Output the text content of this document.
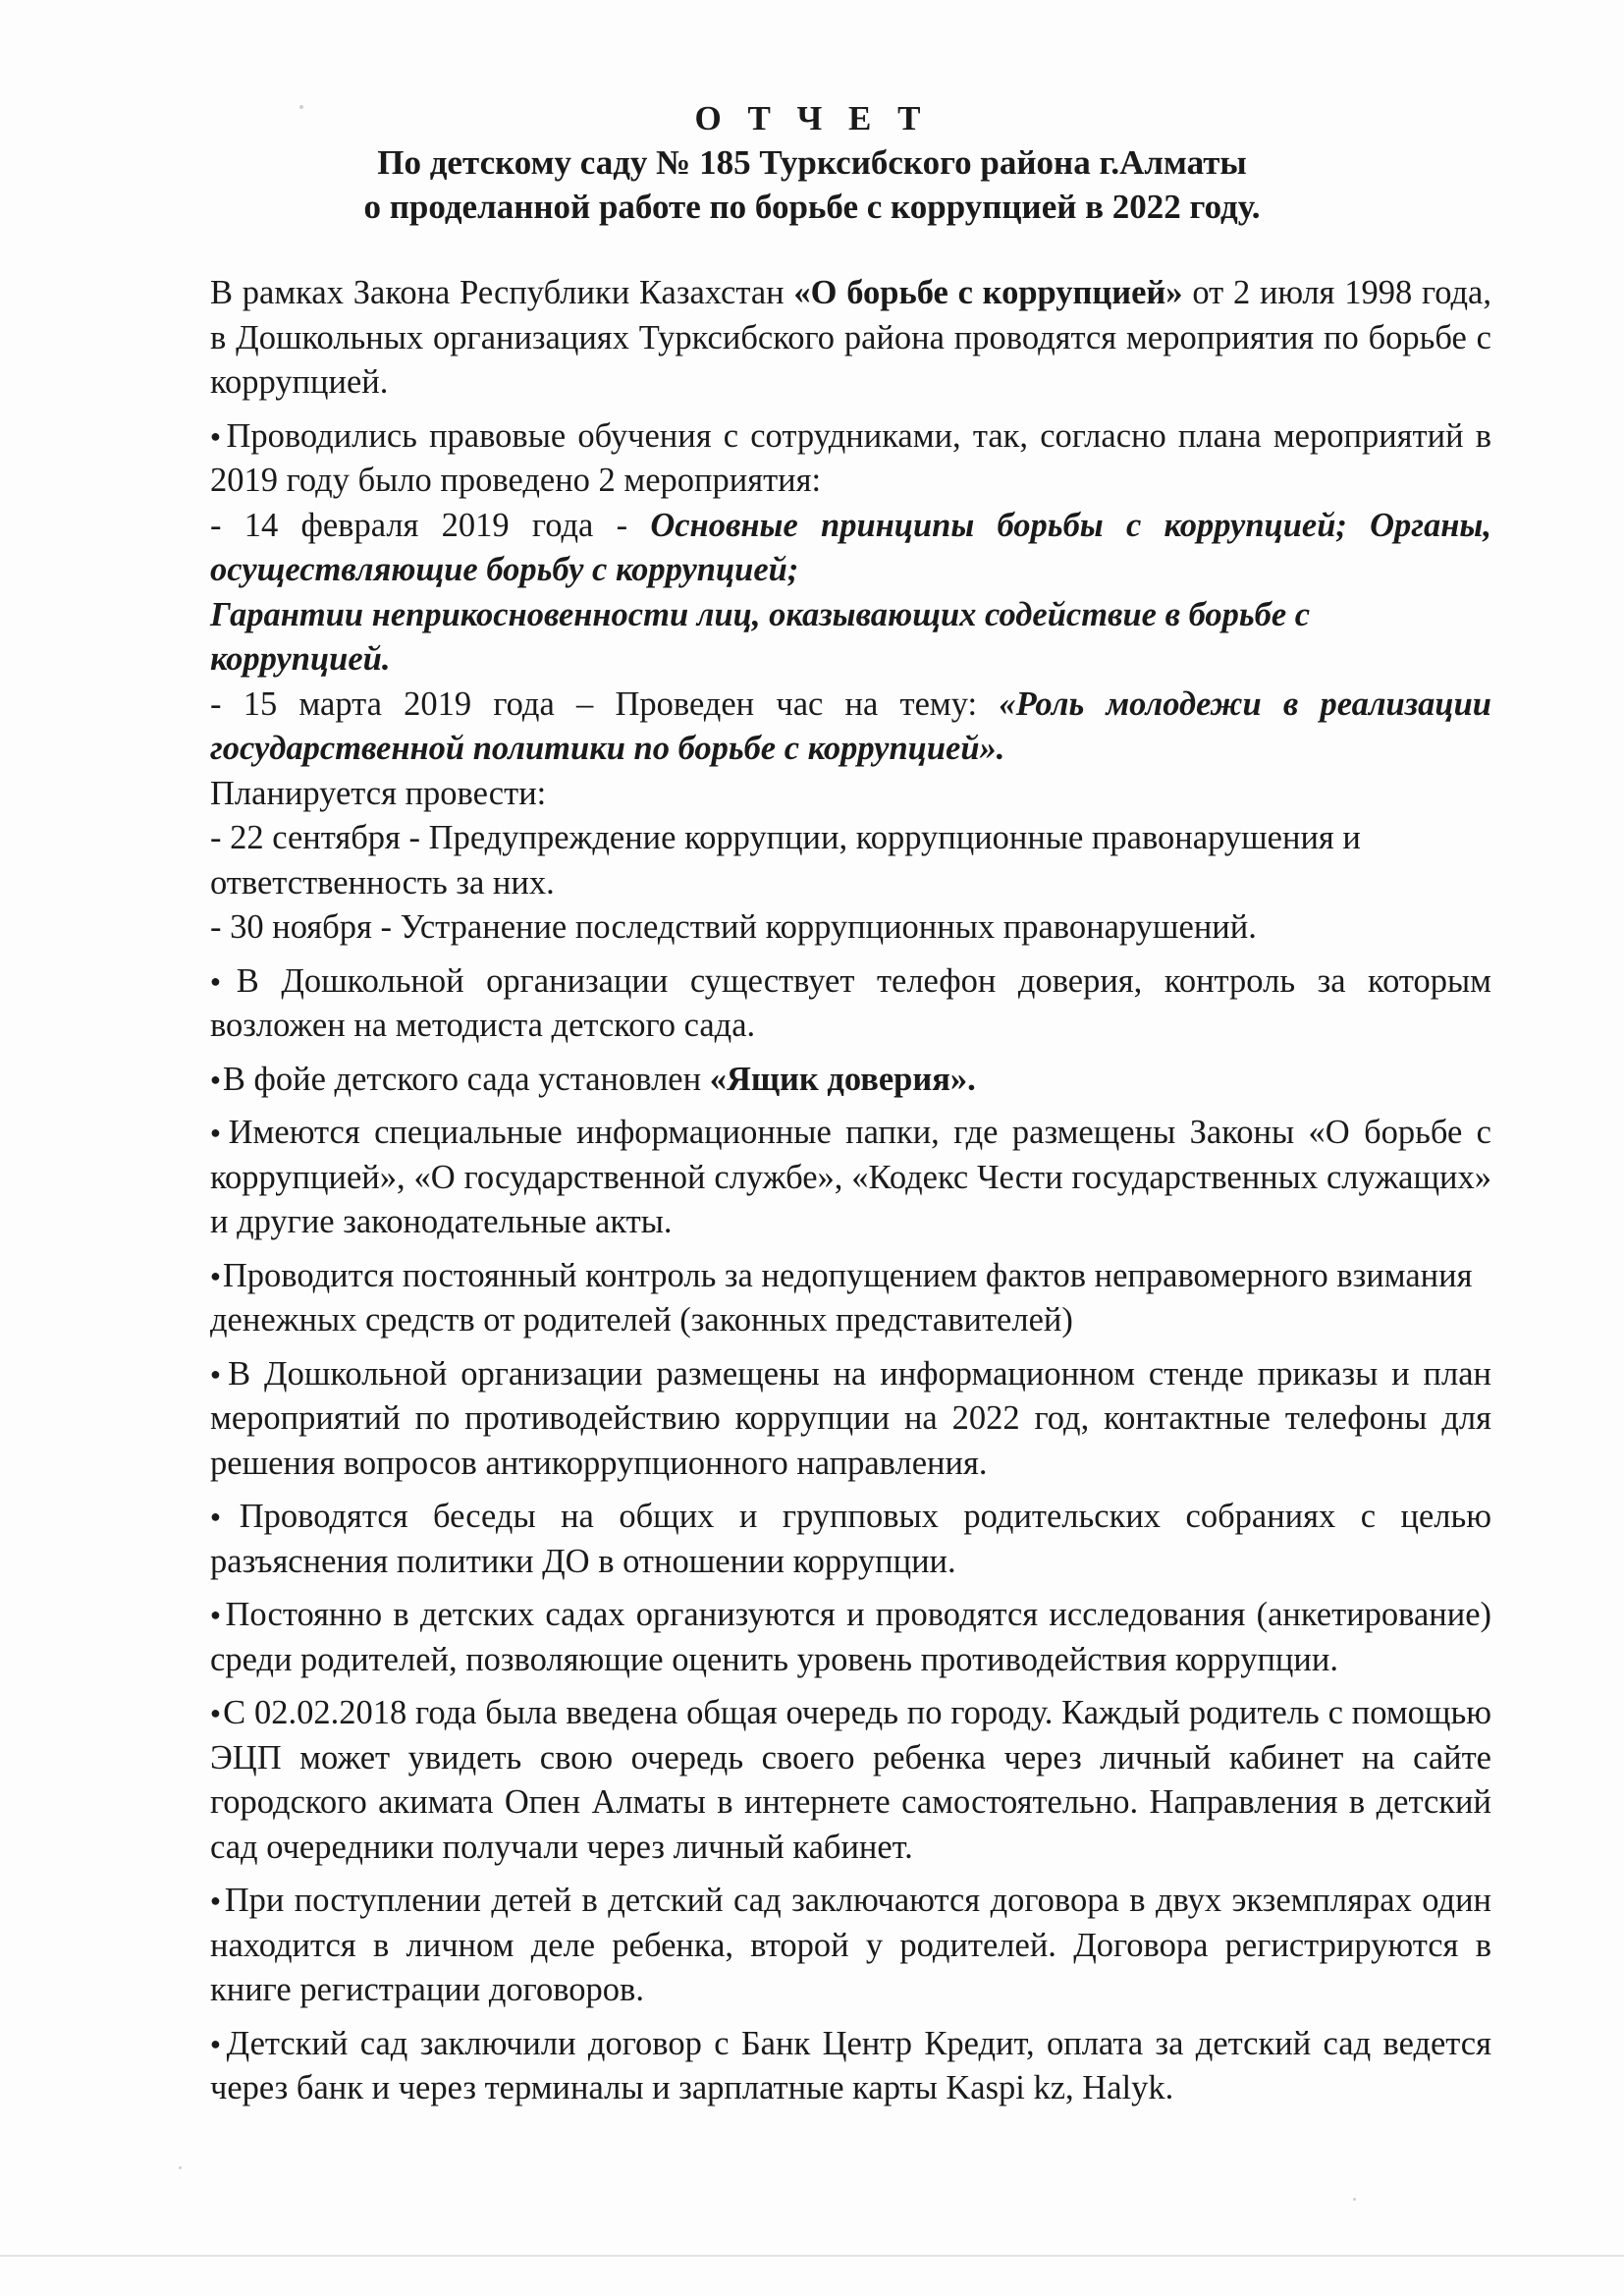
О Т Ч Е Т
По детскому саду № 185 Турксибского района г.Алматы
о проделанной работе по борьбе с коррупцией в 2022 году.

В рамках Закона Республики Казахстан «О борьбе с коррупцией» от 2 июля 1998 года, в Дошкольных организациях Турксибского района проводятся мероприятия по борьбе с коррупцией.

● Проводились правовые обучения с сотрудниками, так, согласно плана мероприятий в 2019 году было проведено 2 мероприятия:

- 14 февраля 2019 года - Основные принципы борьбы с коррупцией; Органы, осуществляющие борьбу с коррупцией;

Гарантии неприкосновенности лиц, оказывающих содействие в борьбе с коррупцией.

- 15 марта 2019 года – Проведен час на тему: «Роль молодежи в реализации государственной политики по борьбе с коррупцией».

Планируется провести:

- 22 сентября - Предупреждение коррупции, коррупционные правонарушения и ответственность за них.

- 30 ноября - Устранение последствий коррупционных правонарушений.

● В Дошкольной организации существует телефон доверия, контроль за которым возложен на методиста детского сада.

● В фойе детского сада установлен «Ящик доверия».

● Имеются специальные информационные папки, где размещены Законы «О борьбе с коррупцией», «О государственной службе», «Кодекс Чести государственных служащих» и другие законодательные акты.

● Проводится постоянный контроль за недопущением фактов неправомерного взимания денежных средств от родителей (законных представителей)

● В Дошкольной организации размещены на информационном стенде приказы и план мероприятий по противодействию коррупции на 2022 год, контактные телефоны для решения вопросов антикоррупционного направления.

● Проводятся беседы на общих и групповых родительских собраниях с целью разъяснения политики ДО в отношении коррупции.

● Постоянно в детских садах организуются и проводятся исследования (анкетирование) среди родителей, позволяющие оценить уровень противодействия коррупции.

● С 02.02.2018 года была введена общая очередь по городу. Каждый родитель с помощью ЭЦП может увидеть свою очередь своего ребенка через личный кабинет на сайте городского акимата Опен Алматы в интернете самостоятельно. Направления в детский сад очередники получали через личный кабинет.

● При поступлении детей в детский сад заключаются договора в двух экземплярах один находится в личном деле ребенка, второй у родителей. Договора регистрируются в книге регистрации договоров.

● Детский сад заключили договор с Банк Центр Кредит, оплата за детский сад ведется через банк и через терминалы и зарплатные карты Kaspi kz, Halyk.
